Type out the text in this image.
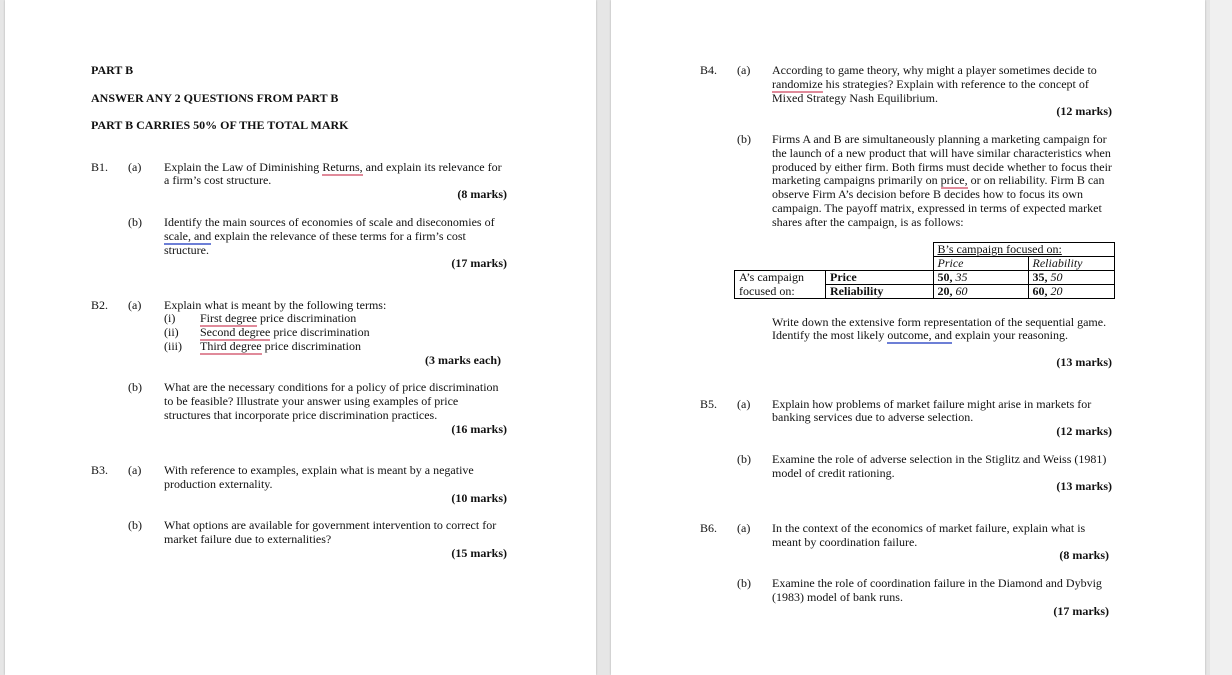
PART B
ANSWER ANY 2 QUESTIONS FROM PART B
PART B CARRIES 50% OF THE TOTAL MARK
B1. (a) Explain the Law of Diminishing Returns, and explain its relevance for
a firm’s cost structure.
(8 marks)
(b) Identify the main sources of economies of scale and diseconomies of
scale, and explain the relevance of these terms for a firm’s cost
structure.
(17 marks)
B2. (a) Explain what is meant by the following terms:
(i) First degree price discrimination
(ii) Second degree price discrimination
(iii) Third degree price discrimination
(3 marks each)
(b) What are the necessary conditions for a policy of price discrimination
to be feasible? Illustrate your answer using examples of price
structures that incorporate price discrimination practices.
(16 marks)
B3. (a) With reference to examples, explain what is meant by a negative
production externality.
(10 marks)
(b) What options are available for government intervention to correct for
market failure due to externalities?
(15 marks)
B4. (a) According to game theory, why might a player sometimes decide to
randomize his strategies? Explain with reference to the concept of
Mixed Strategy Nash Equilibrium.
(12 marks)
(b) Firms A and B are simultaneously planning a marketing campaign for
the launch of a new product that will have similar characteristics when
produced by either firm. Both firms must decide whether to focus their
marketing campaigns primarily on price, or on reliability. Firm B can
observe Firm A’s decision before B decides how to focus its own
campaign. The payoff matrix, expressed in terms of expected market
shares after the campaign, is as follows:
		B’s campaign focused on:	
		Price	Reliability
A’s campaign	Price	50, 35	35, 50
focused on:	Reliability	20, 60	60, 20
Write down the extensive form representation of the sequential game.
Identify the most likely outcome, and explain your reasoning.
(13 marks)
B5. (a) Explain how problems of market failure might arise in markets for
banking services due to adverse selection.
(12 marks)
(b) Examine the role of adverse selection in the Stiglitz and Weiss (1981)
model of credit rationing.
(13 marks)
B6. (a) In the context of the economics of market failure, explain what is
meant by coordination failure.
(8 marks)
(b) Examine the role of coordination failure in the Diamond and Dybvig
(1983) model of bank runs.
(17 marks)
